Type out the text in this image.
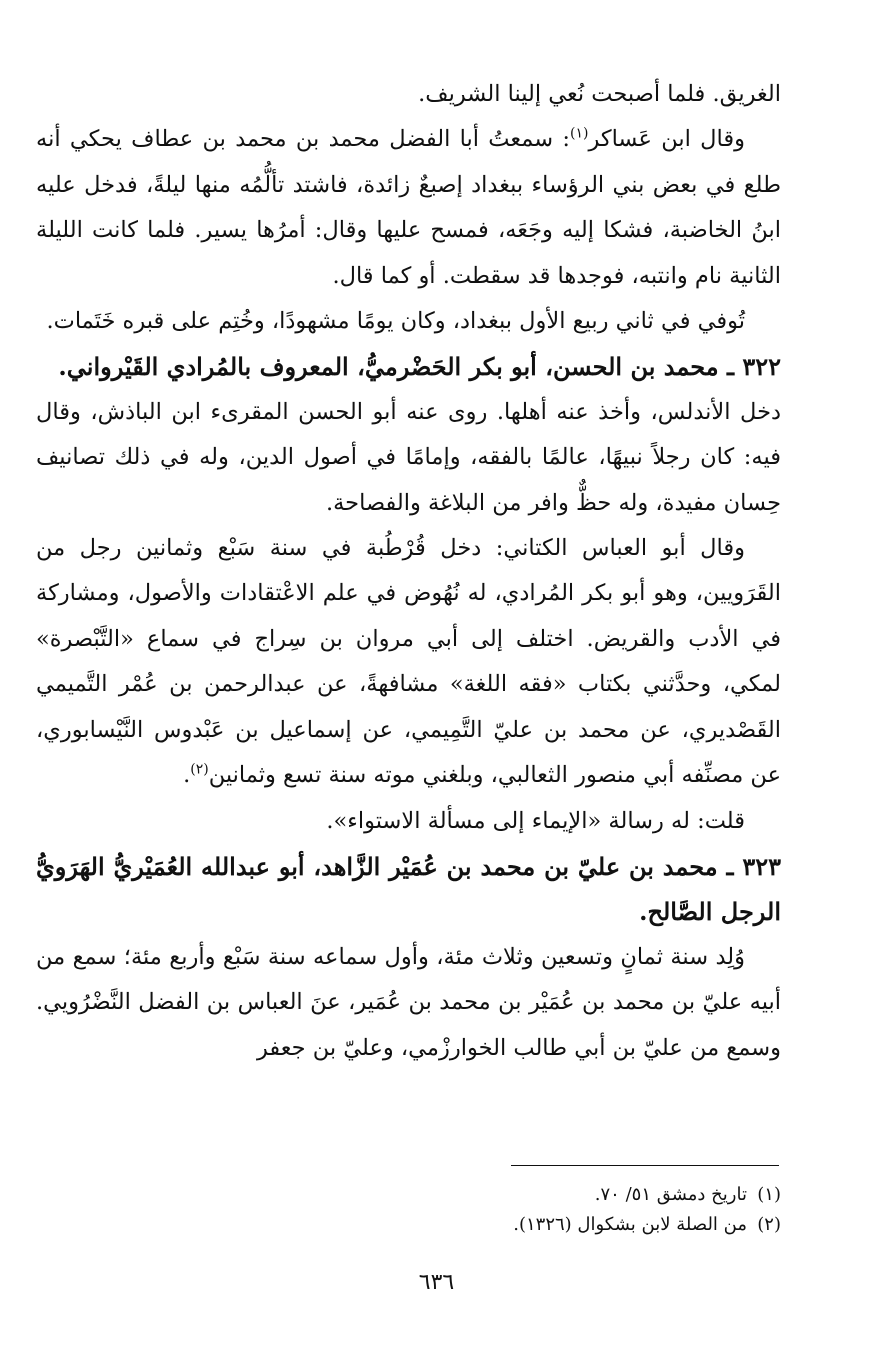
الغريق. فلما أصبحت نُعي إلينا الشريف.

وقال ابن عَساكر$^{(١)}$: سمعتُ أبا الفضل محمد بن محمد بن عطاف يحكي أنه طلع في بعض بني الرؤساء ببغداد إصبعٌ زائدة، فاشتد تألُّمُه منها ليلةً، فدخل عليه ابنُ الخاضبة، فشكا إليه وجَعَه، فمسح عليها وقال: أمرُها يسير. فلما كانت الليلة الثانية نام وانتبه، فوجدها قد سقطت. أو كما قال.

تُوفي في ثاني ربيع الأول ببغداد، وكان يومًا مشهودًا، وخُتِم على قبره خَتَمات.

٣٢٢ ـ محمد بن الحسن، أبو بكر الحَضْرميُّ، المعروف بالمُرادي القَيْرواني.

دخل الأندلس، وأخذ عنه أهلها. روى عنه أبو الحسن المقرىء ابن الباذش، وقال فيه: كان رجلاً نبيهًا، عالمًا بالفقه، وإمامًا في أصول الدين، وله في ذلك تصانيف حِسان مفيدة، وله حظٌّ وافر من البلاغة والفصاحة.

وقال أبو العباس الكتاني: دخل قُرْطُبة في سنة سَبْع وثمانين رجل من القَرَويين، وهو أبو بكر المُرادي، له نُهُوض في علم الاعْتقادات والأصول، ومشاركة في الأدب والقريض. اختلف إلى أبي مروان بن سِراج في سماع «التَّبْصرة» لمكي، وحدَّثني بكتاب «فقه اللغة» مشافهةً، عن عبدالرحمن بن عُمْر التَّميمي القَصْديري، عن محمد بن عليّ التَّمِيمي، عن إسماعيل بن عَبْدوس النَّيْسابوري، عن مصنِّفه أبي منصور الثعالبي، وبلغني موته سنة تسع وثمانين$^{(٢)}$.

قلت: له رسالة «الإيماء إلى مسألة الاستواء».

٣٢٣ ـ محمد بن عليّ بن محمد بن عُمَيْر الزَّاهد، أبو عبدالله العُمَيْريُّ الهَرَويُّ الرجل الصَّالح.

وُلِد سنة ثمانٍ وتسعين وثلاث مئة، وأول سماعه سنة سَبْع وأربع مئة؛ سمع من أبيه عليّ بن محمد بن عُمَيْر بن محمد بن عُمَير، عنَ العباس بن الفضل النَّضْرُويي. وسمع من عليّ بن أبي طالب الخوارزْمي، وعليّ بن جعفر

(١)تاريخ دمشق ٥١/ ٧٠.

(٢)من الصلة لابن بشكوال (١٣٢٦).

٦٣٦
